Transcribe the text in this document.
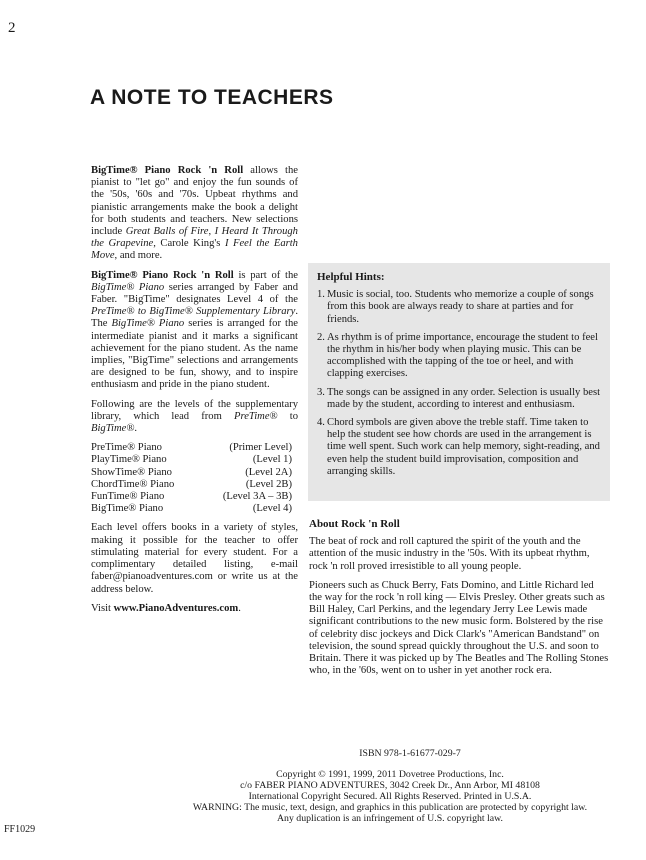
2
A NOTE TO TEACHERS

BigTime® Piano Rock 'n Roll allows the pianist to "let go" and enjoy the fun sounds of the '50s, '60s and '70s. Upbeat rhythms and pianistic arrangements make the book a delight for both students and teachers. New selections include Great Balls of Fire, I Heard It Through the Grapevine, Carole King's I Feel the Earth Move, and more.

BigTime® Piano Rock 'n Roll is part of the BigTime® Piano series arranged by Faber and Faber. "BigTime" designates Level 4 of the PreTime® to BigTime® Supplementary Library. The BigTime® Piano series is arranged for the intermediate pianist and it marks a significant achievement for the piano student. As the name implies, "BigTime" selections and arrangements are designed to be fun, showy, and to inspire enthusiasm and pride in the piano student.

Following are the levels of the supplementary library, which lead from PreTime® to BigTime®.

PreTime® Piano	(Primer Level)
PlayTime® Piano	(Level 1)
ShowTime® Piano	(Level 2A)
ChordTime® Piano	(Level 2B)
FunTime® Piano	(Level 3A – 3B)
BigTime® Piano	(Level 4)

Each level offers books in a variety of styles, making it possible for the teacher to offer stimulating material for every student. For a complimentary detailed listing, e-mail faber@pianoadventures.com or write us at the address below.

Visit www.PianoAdventures.com.

Helpful Hints:
1. Music is social, too. Students who memorize a couple of songs from this book are always ready to share at parties and for friends.
2. As rhythm is of prime importance, encourage the student to feel the rhythm in his/her body when playing music. This can be accomplished with the tapping of the toe or heel, and with clapping exercises.
3. The songs can be assigned in any order. Selection is usually best made by the student, according to interest and enthusiasm.
4. Chord symbols are given above the treble staff. Time taken to help the student see how chords are used in the arrangement is time well spent. Such work can help memory, sight-reading, and even help the student build improvisation, composition and arranging skills.
About Rock 'n Roll

The beat of rock and roll captured the spirit of the youth and the attention of the music industry in the '50s. With its upbeat rhythm, rock 'n roll proved irresistible to all young people.

Pioneers such as Chuck Berry, Fats Domino, and Little Richard led the way for the rock 'n roll king — Elvis Presley. Other greats such as Bill Haley, Carl Perkins, and the legendary Jerry Lee Lewis made significant contributions to the new music form. Bolstered by the rise of celebrity disc jockeys and Dick Clark's "American Bandstand" on television, the sound spread quickly throughout the U.S. and soon to Britain. There it was picked up by The Beatles and The Rolling Stones who, in the '60s, went on to usher in yet another rock era.

ISBN 978-1-61677-029-7
Copyright © 1991, 1999, 2011 Dovetree Productions, Inc.
c/o FABER PIANO ADVENTURES, 3042 Creek Dr., Ann Arbor, MI 48108
International Copyright Secured. All Rights Reserved. Printed in U.S.A.
WARNING: The music, text, design, and graphics in this publication are protected by copyright law.
Any duplication is an infringement of U.S. copyright law.
FF1029
